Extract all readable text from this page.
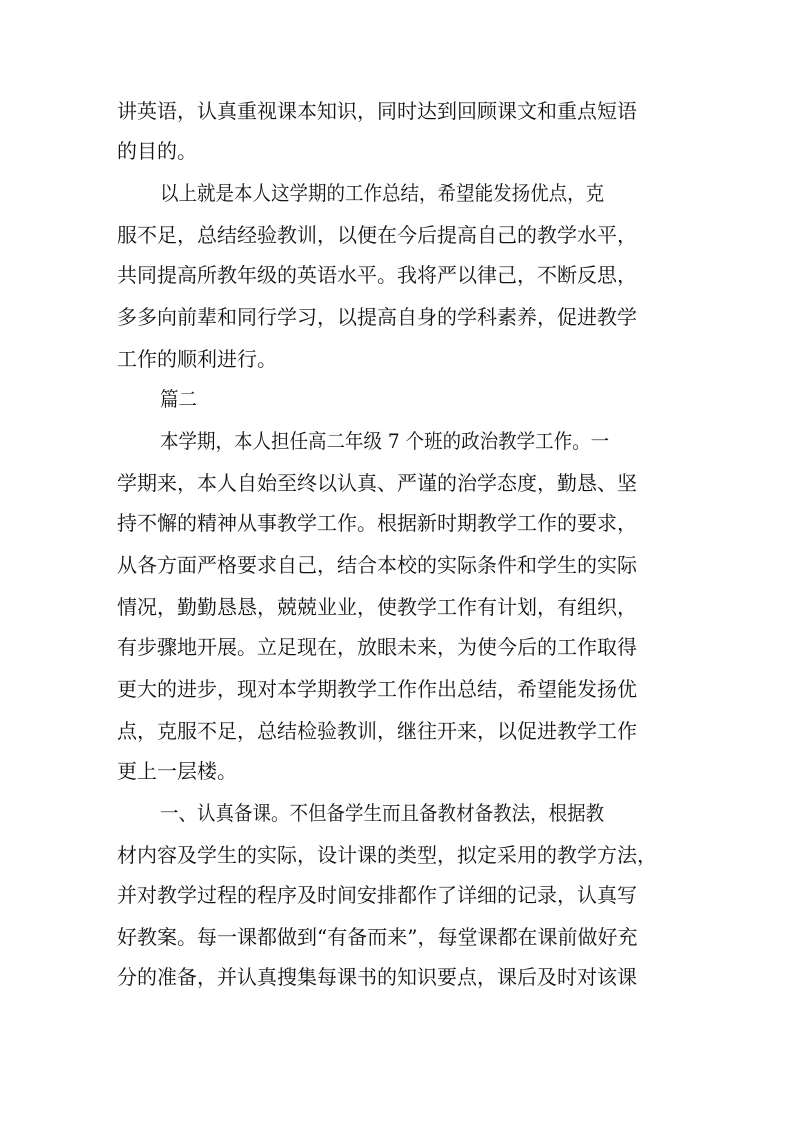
讲英语，认真重视课本知识，同时达到回顾课文和重点短语
的目的。
以上就是本人这学期的工作总结，希望能发扬优点，克
服不足，总结经验教训，以便在今后提高自己的教学水平，
共同提高所教年级的英语水平。我将严以律己，不断反思，
多多向前辈和同行学习，以提高自身的学科素养，促进教学
工作的顺利进行。
篇二
本学期，本人担任高二年级 7 个班的政治教学工作。一
学期来，本人自始至终以认真、严谨的治学态度，勤恳、坚
持不懈的精神从事教学工作。根据新时期教学工作的要求，
从各方面严格要求自己，结合本校的实际条件和学生的实际
情况，勤勤恳恳，兢兢业业，使教学工作有计划，有组织，
有步骤地开展。立足现在，放眼未来，为使今后的工作取得
更大的进步，现对本学期教学工作作出总结，希望能发扬优
点，克服不足，总结检验教训，继往开来，以促进教学工作
更上一层楼。
一、认真备课。不但备学生而且备教材备教法，根据教
材内容及学生的实际，设计课的类型，拟定采用的教学方法，
并对教学过程的程序及时间安排都作了详细的记录，认真写
好教案。每一课都做到“有备而来”，每堂课都在课前做好充
分的准备，并认真搜集每课书的知识要点，课后及时对该课
